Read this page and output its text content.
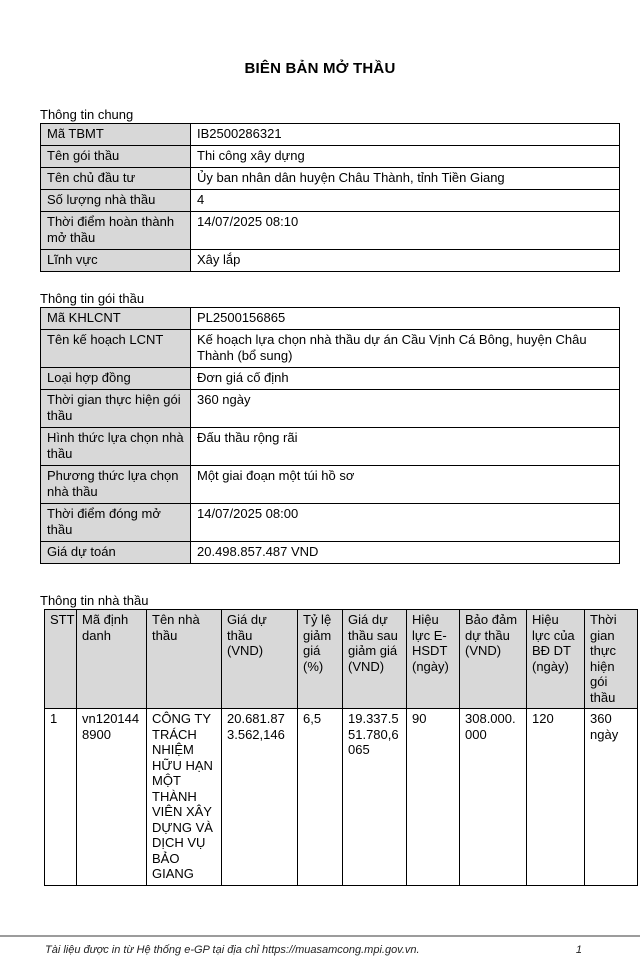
BIÊN BẢN MỞ THẦU
Thông tin chung
Mã TBMT	IB2500286321
Tên gói thầu	Thi công xây dựng
Tên chủ đầu tư	Ủy ban nhân dân huyện Châu Thành, tỉnh Tiền Giang
Số lượng nhà thầu	4
Thời điểm hoàn thành mở thầu	14/07/2025 08:10
Lĩnh vực	Xây lắp
Thông tin gói thầu
Mã KHLCNT	PL2500156865
Tên kế hoạch LCNT	Kế hoạch lựa chọn nhà thầu dự án Cầu Vịnh Cá Bông, huyện Châu Thành (bổ sung)
Loại hợp đồng	Đơn giá cố định
Thời gian thực hiện gói thầu	360 ngày
Hình thức lựa chọn nhà thầu	Đấu thầu rộng rãi
Phương thức lựa chọn nhà thầu	Một giai đoạn một túi hồ sơ
Thời điểm đóng mở thầu	14/07/2025 08:00
Giá dự toán	20.498.857.487 VND
Thông tin nhà thầu
STT	Mã định danh	Tên nhà thầu	Giá dự thầu (VND)	Tỷ lệ giảm giá (%)	Giá dự thầu sau giảm giá (VND)	Hiệu lực E-HSDT (ngày)	Bảo đảm dự thầu (VND)	Hiệu lực của BĐ DT (ngày)	Thời gian thực hiện gói thầu
1	vn1201448900	CÔNG TY TRÁCH NHIỆM HỮU HẠN MỘT THÀNH VIÊN XÂY DỰNG VÀ DỊCH VỤ BẢO GIANG	20.681.873.562,146	6,5	19.337.551.780,6065	90	308.000.000	120	360 ngày
Tài liệu được in từ Hệ thống e-GP tại địa chỉ https://muasamcong.mpi.gov.vn.	1
